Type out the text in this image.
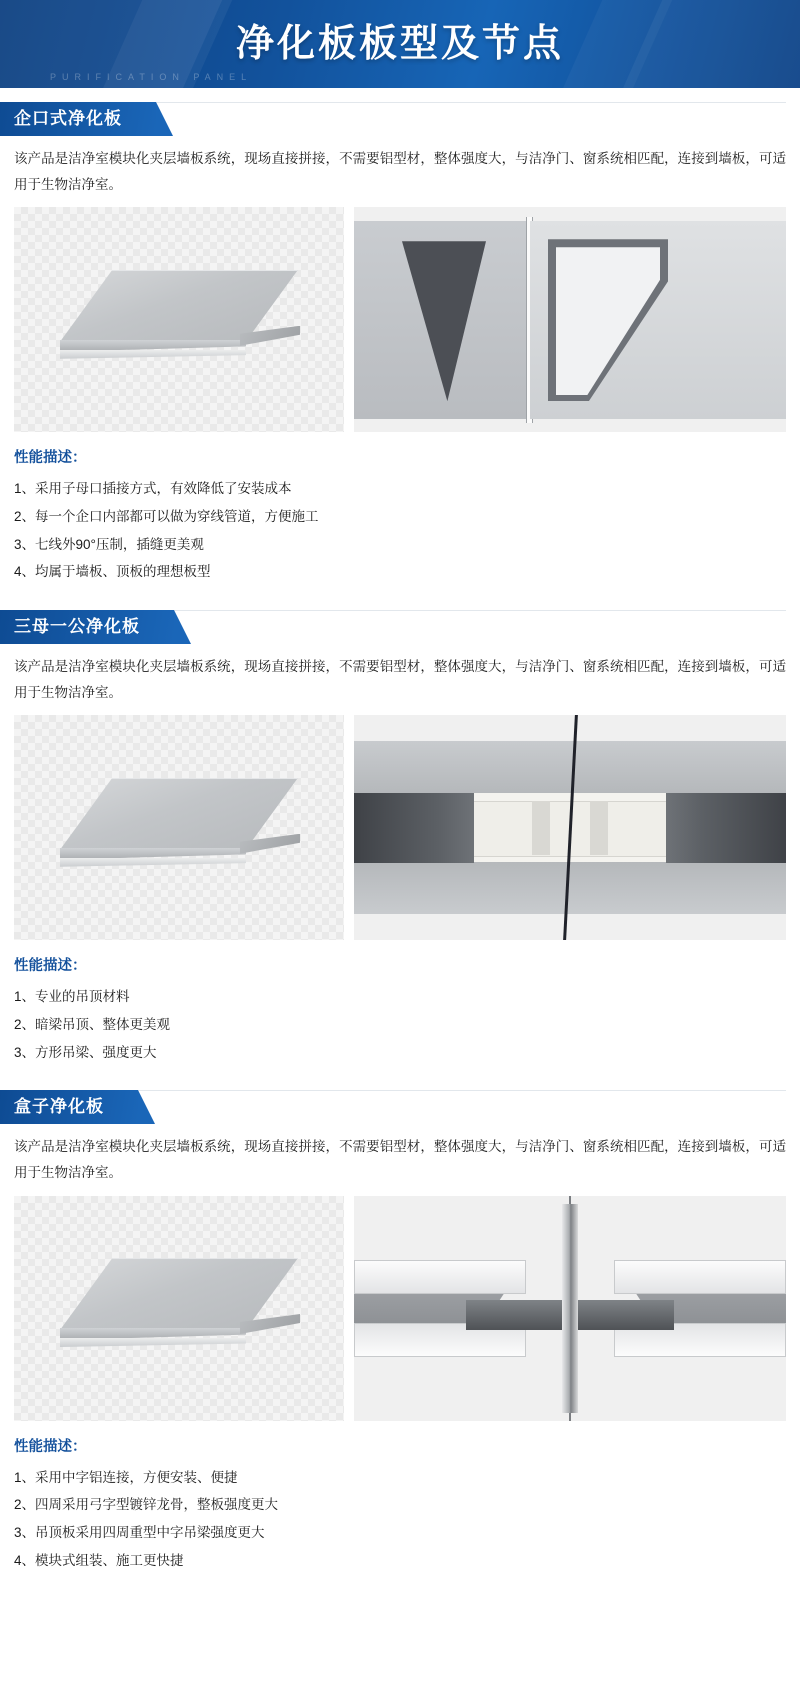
净化板板型及节点
PURIFICATION PANEL
企口式净化板
该产品是洁净室模块化夹层墙板系统，现场直接拼接，不需要铝型材，整体强度大，与洁净门、窗系统相匹配，连接到墙板，可适用于生物洁净室。
性能描述：
1、采用子母口插接方式，有效降低了安装成本
2、每一个企口内部都可以做为穿线管道，方便施工
3、七线外90°压制，插缝更美观
4、均属于墙板、顶板的理想板型
三母一公净化板
该产品是洁净室模块化夹层墙板系统，现场直接拼接，不需要铝型材，整体强度大，与洁净门、窗系统相匹配，连接到墙板，可适用于生物洁净室。
性能描述：
1、专业的吊顶材料
2、暗梁吊顶、整体更美观
3、方形吊梁、强度更大
盒子净化板
该产品是洁净室模块化夹层墙板系统，现场直接拼接，不需要铝型材，整体强度大，与洁净门、窗系统相匹配，连接到墙板，可适用于生物洁净室。
性能描述：
1、采用中字铝连接，方便安装、便捷
2、四周采用弓字型镀锌龙骨，整板强度更大
3、吊顶板采用四周重型中字吊梁强度更大
4、模块式组装、施工更快捷
